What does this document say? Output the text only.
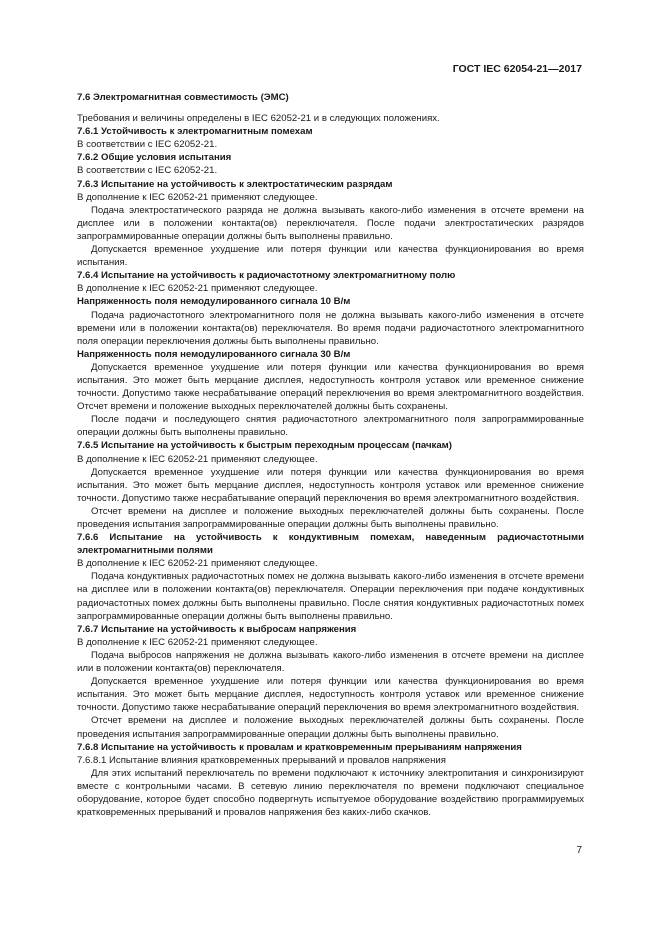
ГОСТ IEC 62054-21—2017

7.6 Электромагнитная совместимость (ЭМС)

Требования и величины определены в IEC 62052-21 и в следующих положениях.

7.6.1 Устойчивость к электромагнитным помехам

В соответствии с IEC 62052-21.

7.6.2 Общие условия испытания

В соответствии с IEC 62052-21.

7.6.3 Испытание на устойчивость к электростатическим разрядам

В дополнение к IEC 62052-21 применяют следующее.

Подача электростатического разряда не должна вызывать какого-либо изменения в отсчете времени на дисплее или в положении контакта(ов) переключателя. После подачи электростатических разрядов запрограммированные операции должны быть выполнены правильно.

Допускается временное ухудшение или потеря функции или качества функционирования во время испытания.

7.6.4 Испытание на устойчивость к радиочастотному электромагнитному полю

В дополнение к IEC 62052-21 применяют следующее.

Напряженность поля немодулированного сигнала 10 В/м

Подача радиочастотного электромагнитного поля не должна вызывать какого-либо изменения в отсчете времени или в положении контакта(ов) переключателя. Во время подачи радиочастотного электромагнитного поля операции переключения должны быть выполнены правильно.

Напряженность поля немодулированного сигнала 30 В/м

Допускается временное ухудшение или потеря функции или качества функционирования во время испытания. Это может быть мерцание дисплея, недоступность контроля уставок или временное снижение точности. Допустимо также несрабатывание операций переключения во время электромагнитного воздействия. Отсчет времени и положение выходных переключателей должны быть сохранены.

После подачи и последующего снятия радиочастотного электромагнитного поля запрограммированные операции должны быть выполнены правильно.

7.6.5 Испытание на устойчивость к быстрым переходным процессам (пачкам)

В дополнение к IEC 62052-21 применяют следующее.

Допускается временное ухудшение или потеря функции или качества функционирования во время испытания. Это может быть мерцание дисплея, недоступность контроля уставок или временное снижение точности. Допустимо также несрабатывание операций переключения во время электромагнитного воздействия.

Отсчет времени на дисплее и положение выходных переключателей должны быть сохранены. После проведения испытания запрограммированные операции должны быть выполнены правильно.

7.6.6 Испытание на устойчивость к кондуктивным помехам, наведенным радиочастотными электромагнитными полями

В дополнение к IEC 62052-21 применяют следующее.

Подача кондуктивных радиочастотных помех не должна вызывать какого-либо изменения в отсчете времени на дисплее или в положении контакта(ов) переключателя. Операции переключения при подаче кондуктивных радиочастотных помех должны быть выполнены правильно. После снятия кондуктивных радиочастотных помех запрограммированные операции должны быть выполнены правильно.

7.6.7 Испытание на устойчивость к выбросам напряжения

В дополнение к IEC 62052-21 применяют следующее.

Подача выбросов напряжения не должна вызывать какого-либо изменения в отсчете времени на дисплее или в положении контакта(ов) переключателя.

Допускается временное ухудшение или потеря функции или качества функционирования во время испытания. Это может быть мерцание дисплея, недоступность контроля уставок или временное снижение точности. Допустимо также несрабатывание операций переключения во время электромагнитного воздействия.

Отсчет времени на дисплее и положение выходных переключателей должны быть сохранены. После проведения испытания запрограммированные операции должны быть выполнены правильно.

7.6.8 Испытание на устойчивость к провалам и кратковременным прерываниям напряжения

7.6.8.1 Испытание влияния кратковременных прерываний и провалов напряжения

Для этих испытаний переключатель по времени подключают к источнику электропитания и синхронизируют вместе с контрольными часами. В сетевую линию переключателя по времени подключают специальное оборудование, которое будет способно подвергнуть испытуемое оборудование воздействию программируемых кратковременных прерываний и провалов напряжения без каких-либо скачков.

7
